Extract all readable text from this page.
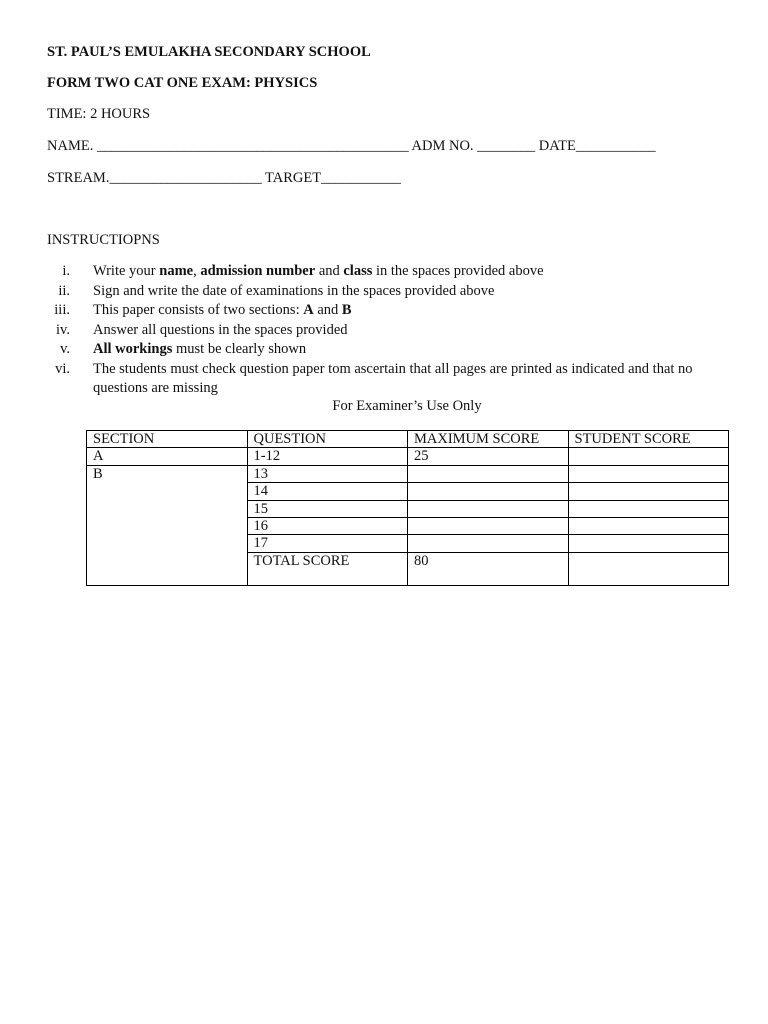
ST. PAUL’S EMULAKHA SECONDARY SCHOOL
FORM TWO CAT ONE EXAM: PHYSICS
TIME: 2 HOURS
NAME. ___________________________________________ ADM NO. ________ DATE___________
STREAM._____________________ TARGET___________
INSTRUCTIOPNS
i. Write your name, admission number and class in the spaces provided above
ii. Sign and write the date of examinations in the spaces provided above
iii. This paper consists of two sections: A and B
iv. Answer all questions in the spaces provided
v. All workings must be clearly shown
vi. The students must check question paper tom ascertain that all pages are printed as indicated and that no questions are missing
For Examiner’s Use Only
SECTION	QUESTION	MAXIMUM SCORE	STUDENT SCORE
A	1-12	25	
B	13		
	14		
	15		
	16		
	17		
	TOTAL SCORE	80	
